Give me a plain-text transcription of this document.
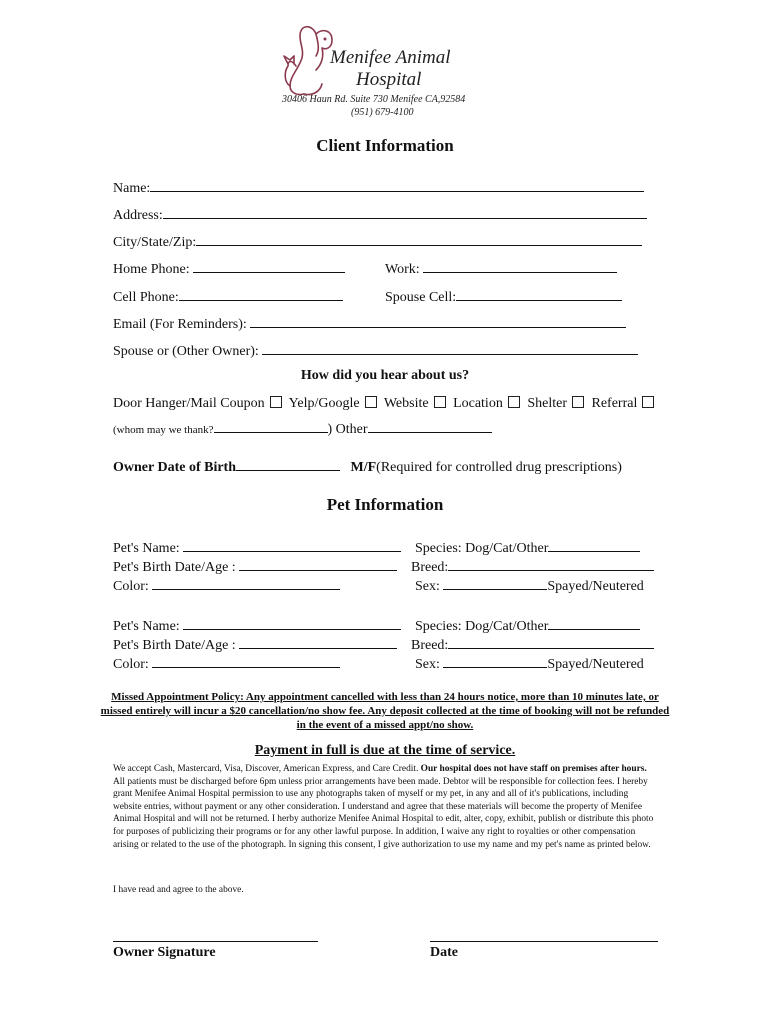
Menifee Animal
Hospital
30406 Haun Rd. Suite 730 Menifee CA,92584
(951) 679-4100
Client Information
Name:
Address:
City/State/Zip:
Home Phone:	Work:
Cell Phone:	Spouse Cell:
Email (For Reminders):
Spouse or (Other Owner):
How did you hear about us?
Door Hanger/Mail Coupon Yelp/Google Website Location Shelter Referral
(whom may we thank?	) Other
Owner Date of Birth	M/F(Required for controlled drug prescriptions)
Pet Information
Pet's Name:	Species: Dog/Cat/Other
Pet's Birth Date/Age :	Breed:
Color:	Sex:	Spayed/Neutered
Pet's Name:	Species: Dog/Cat/Other
Pet's Birth Date/Age :	Breed:
Color:	Sex:	Spayed/Neutered
Missed Appointment Policy: Any appointment cancelled with less than 24 hours notice, more than 10 minutes late, or missed entirely will incur a $20 cancellation/no show fee. Any deposit collected at the time of booking will not be refunded in the event of a missed appt/no show.
Payment in full is due at the time of service.
We accept Cash, Mastercard, Visa, Discover, American Express, and Care Credit. Our hospital does not have staff on premises after hours. All patients must be discharged before 6pm unless prior arrangements have been made. Debtor will be responsible for collection fees. I hereby grant Menifee Animal Hospital permission to use any photographs taken of myself or my pet, in any and all of it's publications, including website entries, without payment or any other consideration. I understand and agree that these materials will become the property of Menifee Animal Hospital and will not be returned. I herby authorize Menifee Animal Hospital to edit, alter, copy, exhibit, publish or distribute this photo for purposes of publicizing their programs or for any other lawful purpose. In addition, I waive any right to royalties or other compensation arising or related to the use of the photograph. In signing this consent, I give authorization to use my name and my pet's name as printed below.
I have read and agree to the above.
Owner Signature	Date
